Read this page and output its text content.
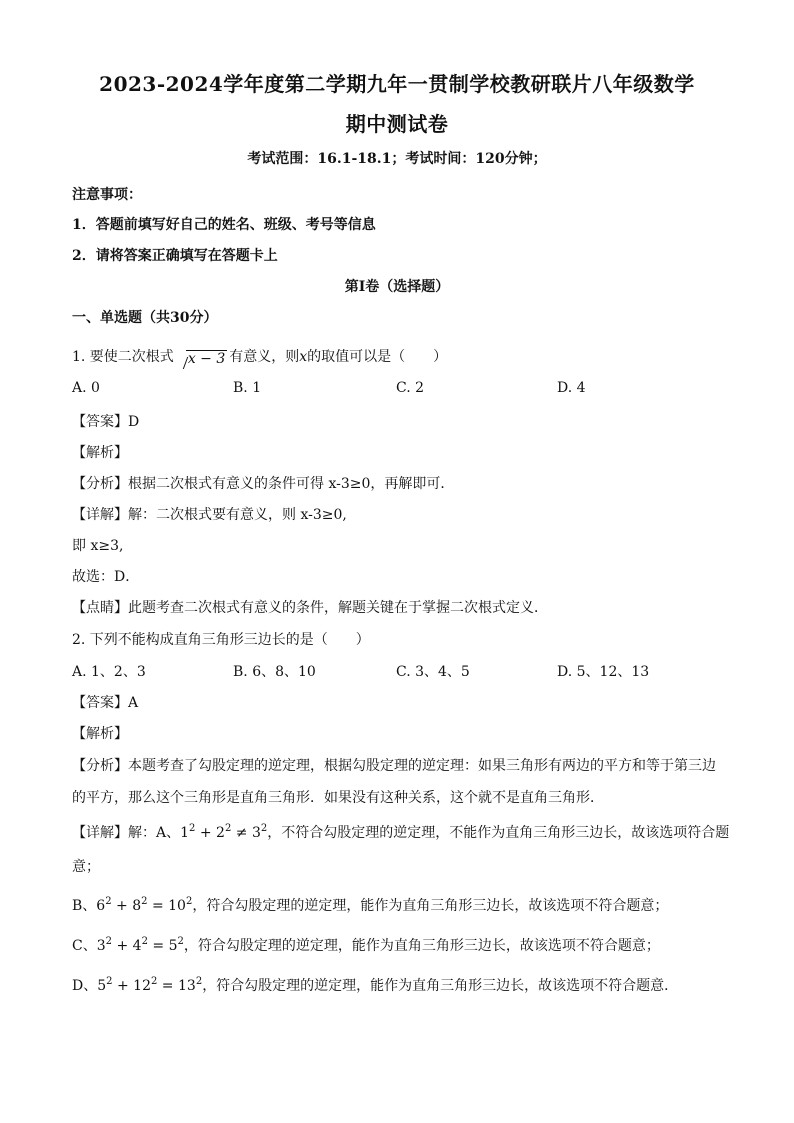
2023-2024学年度第二学期九年一贯制学校教研联片八年级数学
期中测试卷
考试范围：16.1-18.1；考试时间：120分钟；
注意事项：
1．答题前填写好自己的姓名、班级、考号等信息
2．请将答案正确填写在答题卡上
第I卷（选择题）
一、单选题（共30分）
1. 要使二次根式 x − 3 有意义，则x的取值可以是（　　）
A. 0	B. 1	C. 2	D. 4
【答案】D
【解析】
【分析】根据二次根式有意义的条件可得 x-3≥0，再解即可．
【详解】解：二次根式要有意义，则 x-3≥0,
即 x≥3,
故选：D．
【点睛】此题考查二次根式有意义的条件，解题关键在于掌握二次根式定义．
2. 下列不能构成直角三角形三边长的是（　　）
A. 1、2、3	B. 6、8、10	C. 3、4、5	D. 5、12、13
【答案】A
【解析】
【分析】本题考查了勾股定理的逆定理，根据勾股定理的逆定理：如果三角形有两边的平方和等于第三边
的平方，那么这个三角形是直角三角形．如果没有这种关系，这个就不是直角三角形．
【详解】解：A、$1^2 + 2^2 \ne 3^2$，不符合勾股定理的逆定理，不能作为直角三角形三边长，故该选项符合题
意；
B、$6^2 + 8^2 = 10^2$，符合勾股定理的逆定理，能作为直角三角形三边长，故该选项不符合题意；
C、$3^2 + 4^2 = 5^2$，符合勾股定理的逆定理，能作为直角三角形三边长，故该选项不符合题意；
D、$5^2 + 12^2 = 13^2$，符合勾股定理的逆定理，能作为直角三角形三边长，故该选项不符合题意．
